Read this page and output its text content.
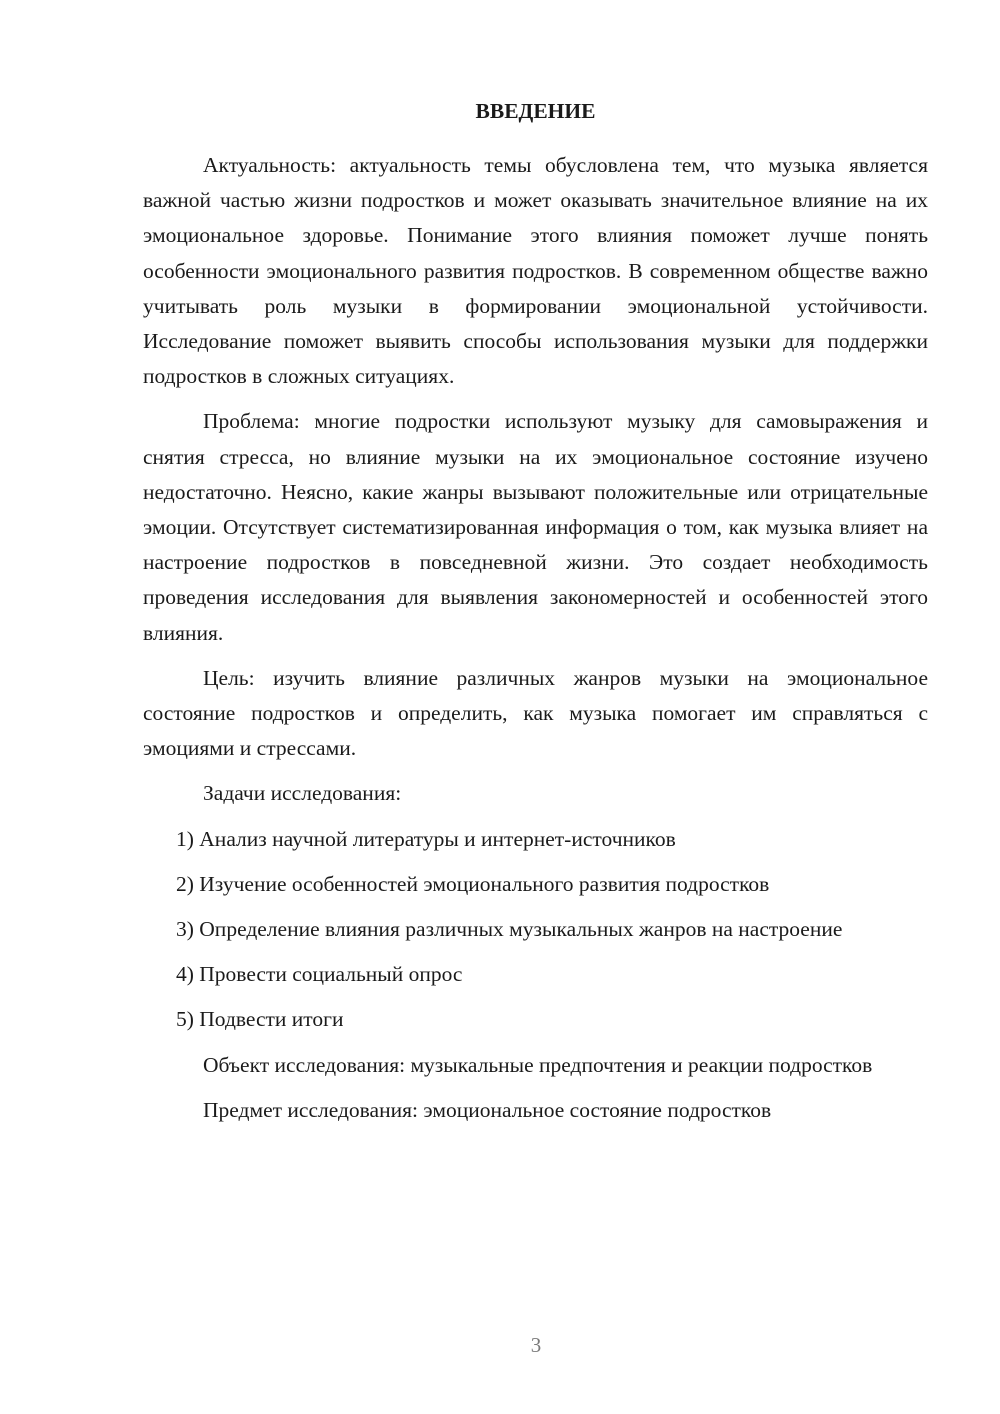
ВВЕДЕНИЕ

Актуальность: актуальность темы обусловлена тем, что музыка является важной частью жизни подростков и может оказывать значительное влияние на их эмоциональное здоровье. Понимание этого влияния поможет лучше понять особенности эмоционального развития подростков. В современном обществе важно учитывать роль музыки в формировании эмоциональной устойчивости. Исследование поможет выявить способы использования музыки для поддержки подростков в сложных ситуациях.

Проблема: многие подростки используют музыку для самовыражения и снятия стресса, но влияние музыки на их эмоциональное состояние изучено недостаточно. Неясно, какие жанры вызывают положительные или отрицательные эмоции. Отсутствует систематизированная информация о том, как музыка влияет на настроение подростков в повседневной жизни. Это создает необходимость проведения исследования для выявления закономерностей и особенностей этого влияния.

Цель: изучить влияние различных жанров музыки на эмоциональное состояние подростков и определить, как музыка помогает им справляться с эмоциями и стрессами.

Задачи исследования:

1) Анализ научной литературы и интернет-источников

2) Изучение особенностей эмоционального развития подростков

3) Определение влияния различных музыкальных жанров на настроение

4) Провести социальный опрос

5) Подвести итоги

Объект исследования: музыкальные предпочтения и реакции подростков

Предмет исследования: эмоциональное состояние подростков

3
